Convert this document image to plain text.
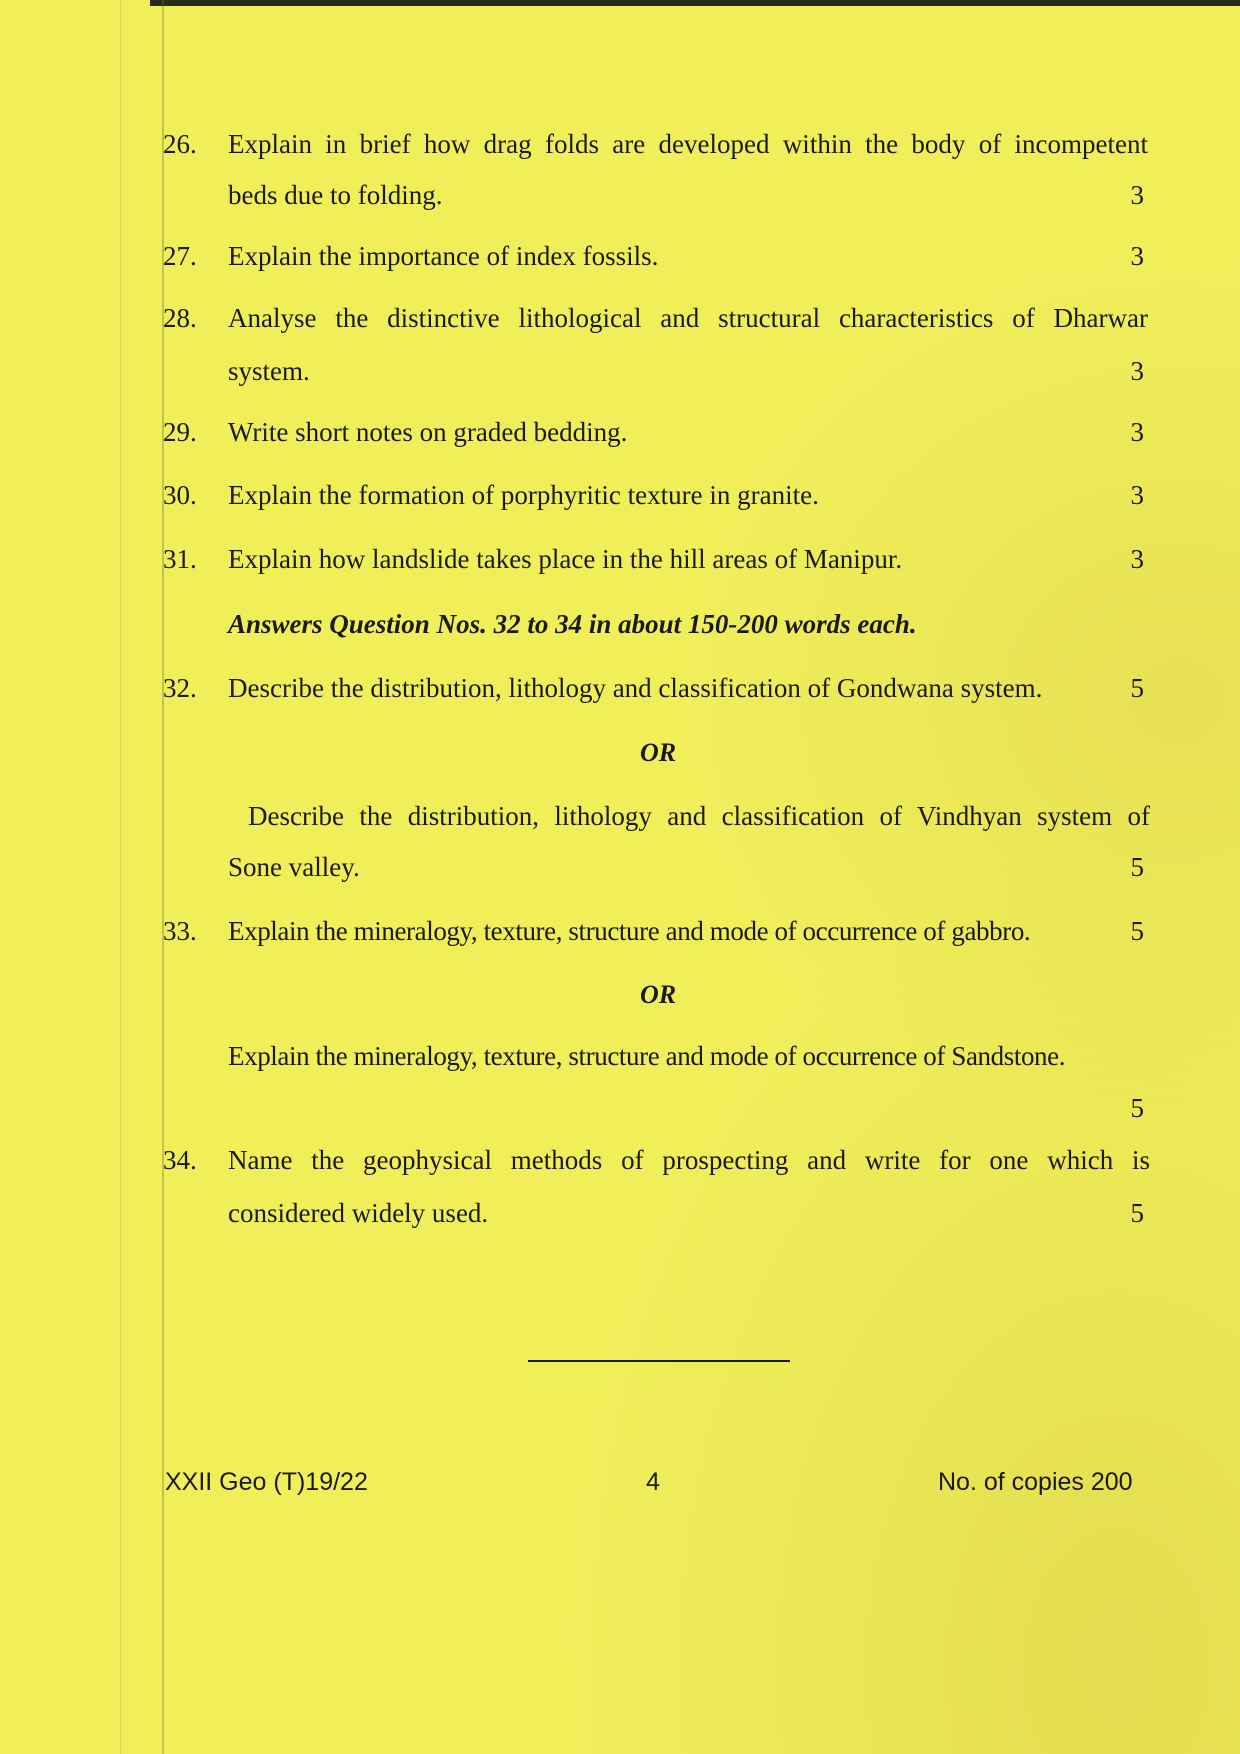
26. Explain in brief how drag folds are developed within the body of incompetent
beds due to folding.	3
27. Explain the importance of index fossils.	3
28. Analyse the distinctive lithological and structural characteristics of Dharwar
system.	3
29. Write short notes on graded bedding.	3
30. Explain the formation of porphyritic texture in granite.	3
31. Explain how landslide takes place in the hill areas of Manipur.	3
Answers Question Nos. 32 to 34 in about 150-200 words each.
32. Describe the distribution, lithology and classification of Gondwana system.	5
OR
Describe the distribution, lithology and classification of Vindhyan system of
Sone valley.	5
33. Explain the mineralogy, texture, structure and mode of occurrence of gabbro.	5
OR
Explain the mineralogy, texture, structure and mode of occurrence of Sandstone.
5
34. Name the geophysical methods of prospecting and write for one which is
considered widely used.	5
XXII Geo (T)19/22	4	No. of copies 200
